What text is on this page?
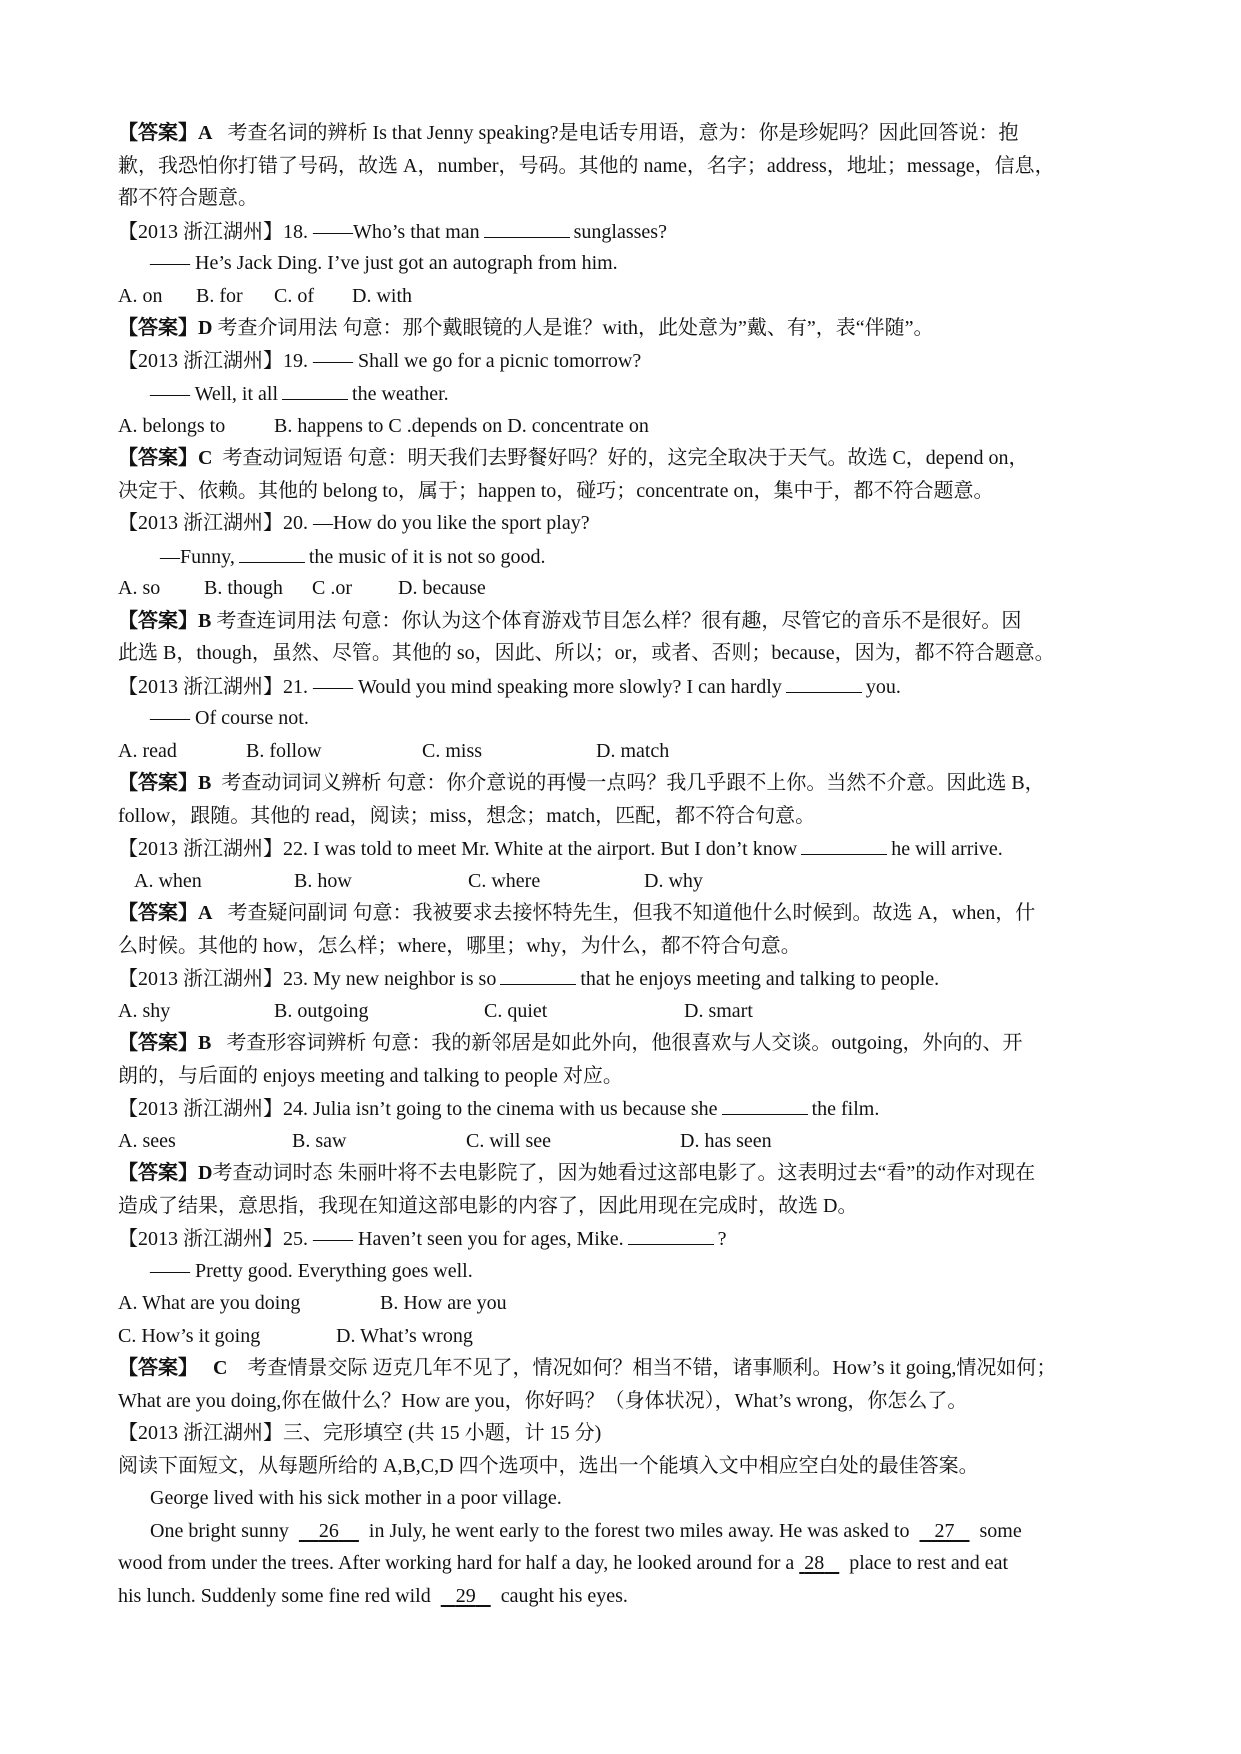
【答案】A 考查名词的辨析 Is that Jenny speaking?是电话专用语，意为：你是珍妮吗？因此回答说：抱
歉，我恐怕你打错了号码，故选 A，number，号码。其他的 name，名字；address，地址；message，信息，
都不符合题意。
【2013 浙江湖州】18. ——Who’s that man	sunglasses?
—— He’s Jack Ding. I’ve just got an autograph from him.
A. on B. for C. of D. with
【答案】D 考查介词用法 句意：那个戴眼镜的人是谁？with，此处意为”戴、有”，表“伴随”。
【2013 浙江湖州】19. —— Shall we go for a picnic tomorrow?
—— Well, it all	the weather.
A. belongs to B. happens to C .depends on D. concentrate on
【答案】C 考查动词短语 句意：明天我们去野餐好吗？好的，这完全取决于天气。故选 C，depend on，
决定于、依赖。其他的 belong to，属于；happen to，碰巧；concentrate on，集中于，都不符合题意。
【2013 浙江湖州】20. —How do you like the sport play?
—Funny,	the music of it is not so good.
A. so B. though C .or D. because
【答案】B 考查连词用法 句意：你认为这个体育游戏节目怎么样？很有趣，尽管它的音乐不是很好。因
此选 B，though，虽然、尽管。其他的 so，因此、所以；or，或者、否则；because，因为，都不符合题意。
【2013 浙江湖州】21. —— Would you mind speaking more slowly? I can hardly	you.
—— Of course not.
A. read	B. follow	C. miss	D. match
【答案】B 考查动词词义辨析 句意：你介意说的再慢一点吗？我几乎跟不上你。当然不介意。因此选 B，
follow，跟随。其他的 read，阅读；miss，想念；match，匹配，都不符合句意。
【2013 浙江湖州】22. I was told to meet Mr. White at the airport. But I don’t know	he will arrive.
A. when	B. how	C. where	D. why
【答案】A 考查疑问副词 句意：我被要求去接怀特先生，但我不知道他什么时候到。故选 A，when，什
么时候。其他的 how，怎么样；where，哪里；why，为什么，都不符合句意。
【2013 浙江湖州】23. My new neighbor is so	that he enjoys meeting and talking to people.
A. shy	B. outgoing	C. quiet	D. smart
【答案】B 考查形容词辨析 句意：我的新邻居是如此外向，他很喜欢与人交谈。outgoing，外向的、开
朗的，与后面的 enjoys meeting and talking to people 对应。
【2013 浙江湖州】24. Julia isn’t going to the cinema with us because she	the film.
A. sees	B. saw	C. will see	D. has seen
【答案】D考查动词时态 朱丽叶将不去电影院了，因为她看过这部电影了。这表明过去“看”的动作对现在
造成了结果，意思指，我现在知道这部电影的内容了，因此用现在完成时，故选 D。
【2013 浙江湖州】25. —— Haven’t seen you for ages, Mike.	?
—— Pretty good. Everything goes well.
A. What are you doing	B. How are you
C. How’s it going	D. What’s wrong
【答案】 C 考查情景交际 迈克几年不见了，情况如何？相当不错，诸事顺利。How’s it going,情况如何；
What are you doing,你在做什么？How are you，你好吗？（身体状况），What’s wrong，你怎么了。
【2013 浙江湖州】三、完形填空 (共 15 小题，计 15 分)
阅读下面短文，从每题所给的 A,B,C,D 四个选项中，选出一个能填入文中相应空白处的最佳答案。
George lived with his sick mother in a poor village.
One bright sunny 26 in July, he went early to the forest two miles away. He was asked to 27 some
wood from under the trees. After working hard for half a day, he looked around for a 28 place to rest and eat
his lunch. Suddenly some fine red wild 29 caught his eyes.
